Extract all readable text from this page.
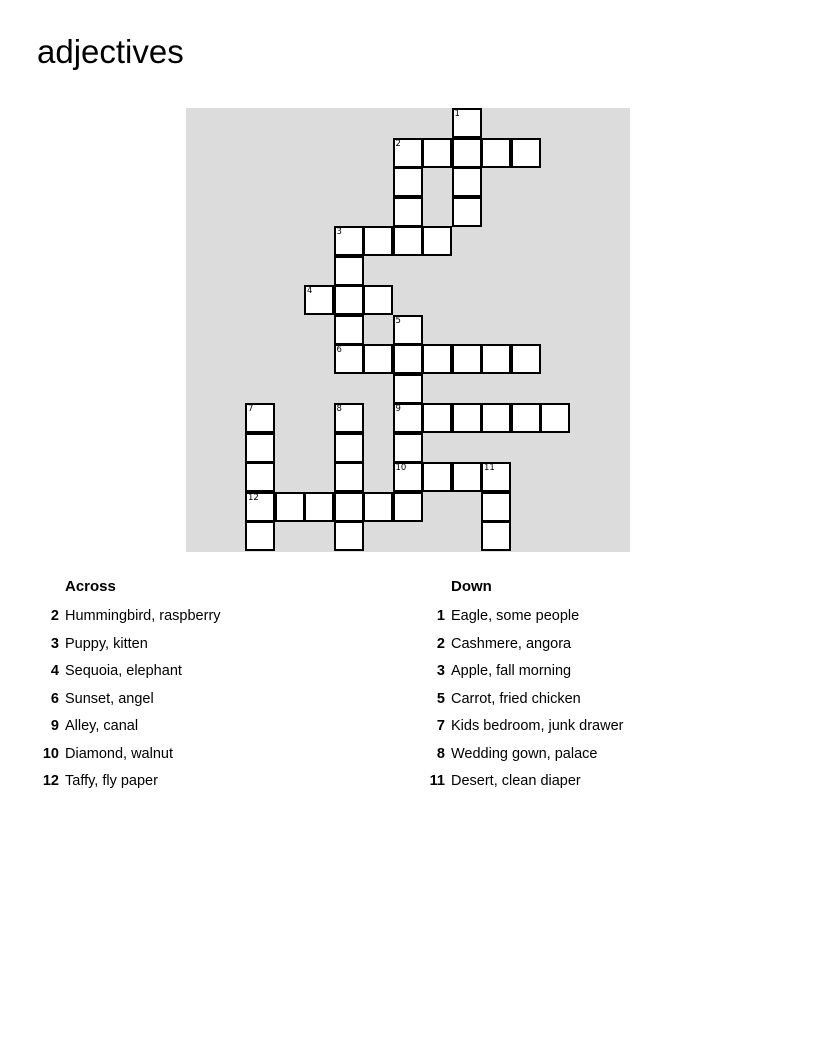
adjectives
1
2
3
4
5
6
7	8	9
10	11
12
Across
2 Hummingbird, raspberry
3 Puppy, kitten
4 Sequoia, elephant
6 Sunset, angel
9 Alley, canal
10 Diamond, walnut
12 Taffy, fly paper
Down
1 Eagle, some people
2 Cashmere, angora
3 Apple, fall morning
5 Carrot, fried chicken
7 Kids bedroom, junk drawer
8 Wedding gown, palace
11 Desert, clean diaper
